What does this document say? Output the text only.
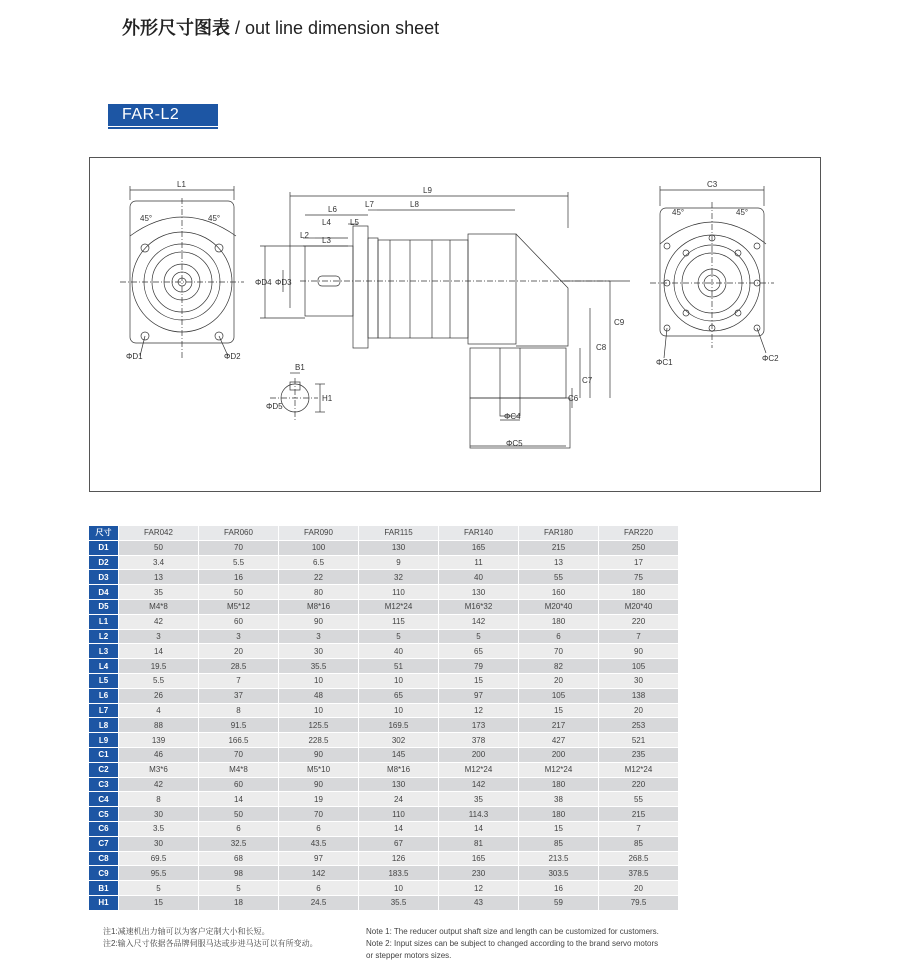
外形尺寸图表 / out line dimension sheet
FAR-L2
L1
45°	45°
ΦD1	ΦD2
L9
L6
L7	L8
L2
L3
L4 L5
ΦD4 ΦD3
C9
C8
C7
C6
ΦC4
ΦC5
B1
H1
ΦD5
C3
45°	45°
ΦC1	ΦC2
尺寸	FAR042	FAR060	FAR090	FAR115	FAR140	FAR180	FAR220
D1	50	70	100	130	165	215	250
D2	3.4	5.5	6.5	9	11	13	17
D3	13	16	22	32	40	55	75
D4	35	50	80	110	130	160	180
D5	M4*8	M5*12	M8*16	M12*24	M16*32	M20*40	M20*40
L1	42	60	90	115	142	180	220
L2	3	3	3	5	5	6	7
L3	14	20	30	40	65	70	90
L4	19.5	28.5	35.5	51	79	82	105
L5	5.5	7	10	10	15	20	30
L6	26	37	48	65	97	105	138
L7	4	8	10	10	12	15	20
L8	88	91.5	125.5	169.5	173	217	253
L9	139	166.5	228.5	302	378	427	521
C1	46	70	90	145	200	200	235
C2	M3*6	M4*8	M5*10	M8*16	M12*24	M12*24	M12*24
C3	42	60	90	130	142	180	220
C4	8	14	19	24	35	38	55
C5	30	50	70	110	114.3	180	215
C6	3.5	6	6	14	14	15	7
C7	30	32.5	43.5	67	81	85	85
C8	69.5	68	97	126	165	213.5	268.5
C9	95.5	98	142	183.5	230	303.5	378.5
B1	5	5	6	10	12	16	20
H1	15	18	24.5	35.5	43	59	79.5
注1:减速机出力轴可以为客户定制大小和长短。
注2:输入尺寸依据各品牌伺服马达或步进马达可以有所变动。
Note 1: The reducer output shaft size and length can be customized for customers.
Note 2: Input sizes can be subject to changed according to the brand servo motors
or stepper motors sizes.
